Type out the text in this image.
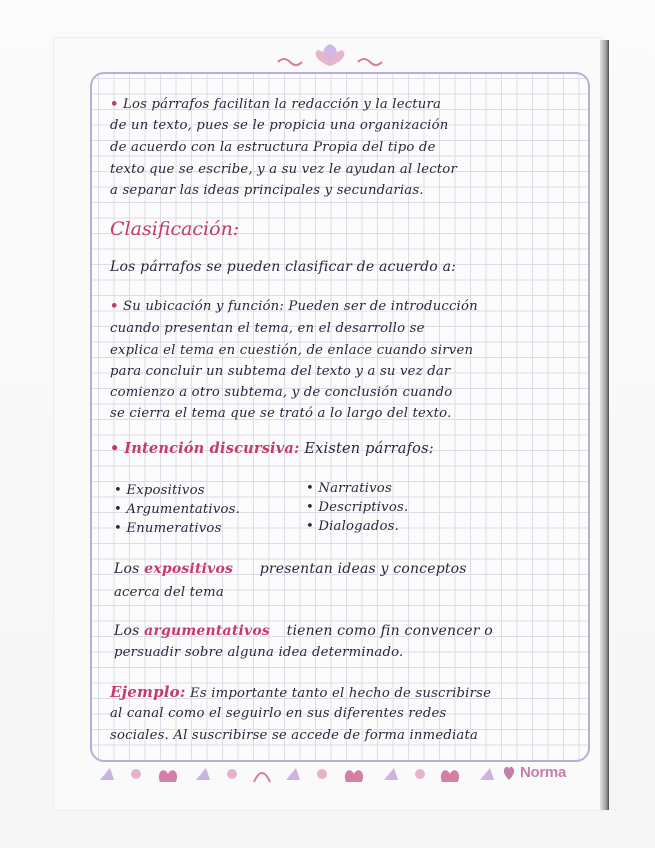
• Los párrafos facilitan la redacción y la lectura
de un texto, pues se le propicia una organización
de acuerdo con la estructura Propia del tipo de
texto que se escribe, y a su vez le ayudan al lector
a separar las ideas principales y secundarias.
Clasificación:
Los párrafos se pueden clasificar de acuerdo a:
• Su ubicación y función: Pueden ser de introducción
cuando presentan el tema, en el desarrollo se
explica el tema en cuestión, de enlace cuando sirven
para concluir un subtema del texto y a su vez dar
comienzo a otro subtema, y de conclusión cuando
se cierra el tema que se trató a lo largo del texto.
• Intención discursiva: Existen párrafos:
• Expositivos
• Argumentativos.
• Enumerativos
• Narrativos
• Descriptivos.
• Dialogados.
Los expositivos presentan ideas y conceptos
acerca del tema
Los argumentativos tienen como fin convencer o
persuadir sobre alguna idea determinado.
Ejemplo: Es importante tanto el hecho de suscribirse
al canal como el seguirlo en sus diferentes redes
sociales. Al suscribirse se accede de forma inmediata
Norma
